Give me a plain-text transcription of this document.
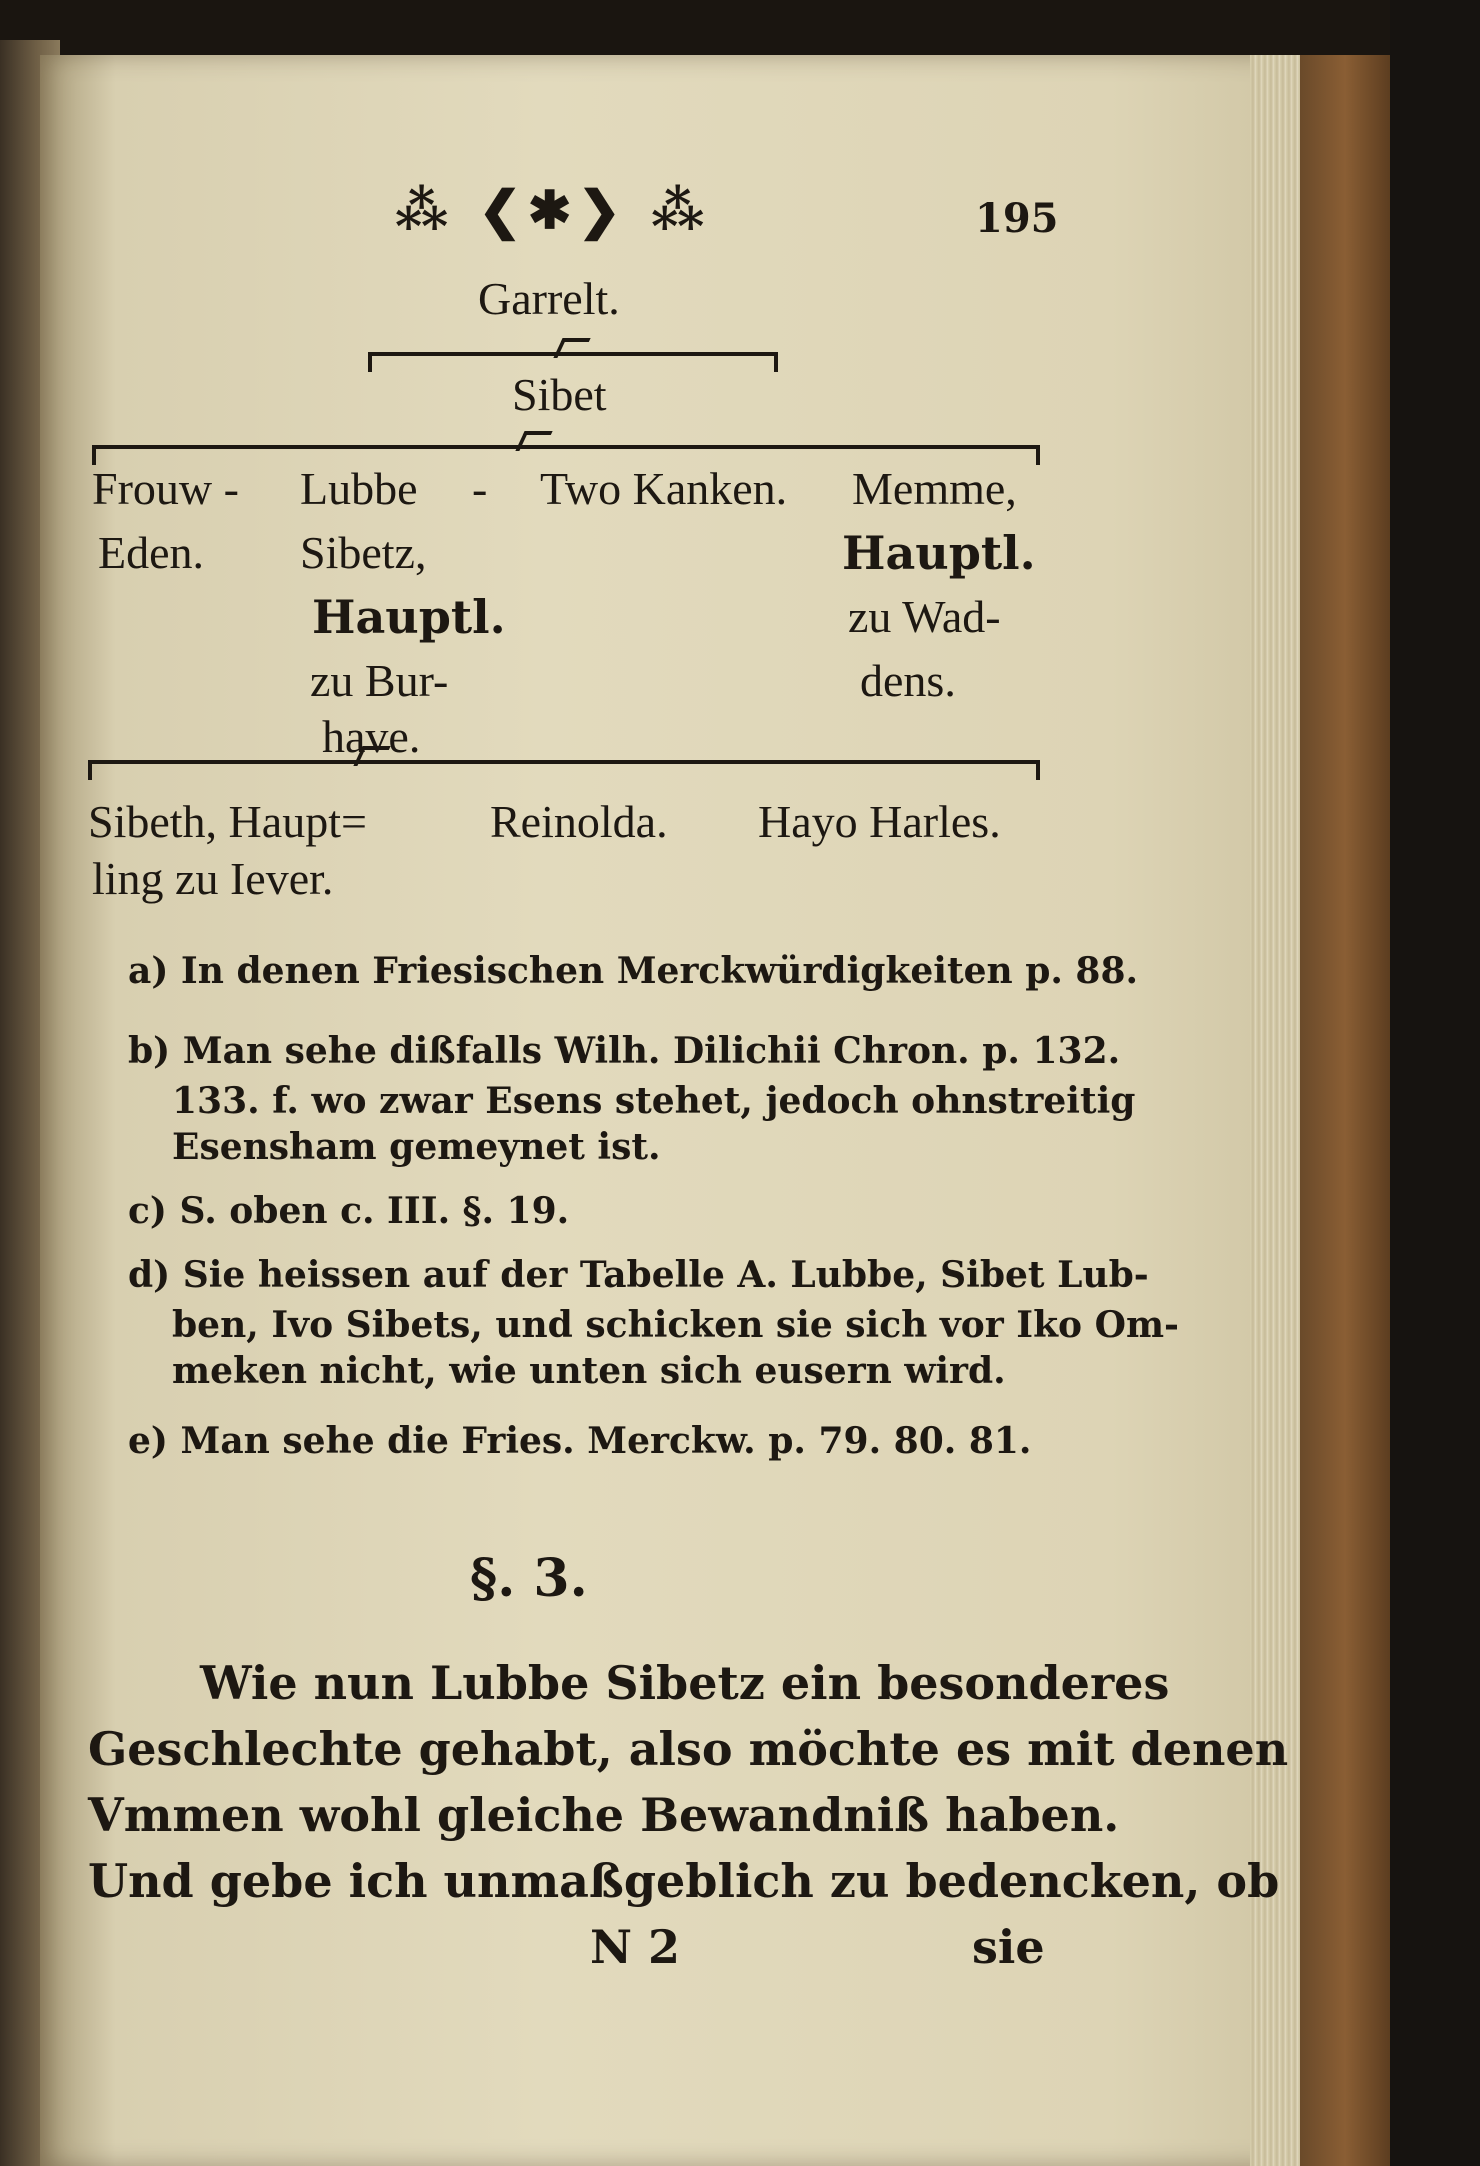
⁂ ❮✱❯ ⁂	195
Garrelt.
Sibet
Frouw -
Eden.
Lubbe
Sibetz,
Hauptl.
zu Bur-
have.
- Two Kanken. Memme,
Hauptl.
zu Wad-
dens.
Sibeth, Haupt=
ling zu Iever.
Reinolda. Hayo Harles.
a) In denen Friesischen Merckwürdigkeiten p. 88.
b) Man sehe dißfalls Wilh. Dilichii Chron. p. 132.
133. f. wo zwar Esens stehet, jedoch ohnstreitig
Esensham gemeynet ist.
c) S. oben c. III. §. 19.
d) Sie heissen auf der Tabelle A. Lubbe, Sibet Lub-
ben, Ivo Sibets, und schicken sie sich vor Iko Om-
meken nicht, wie unten sich eusern wird.
e) Man sehe die Fries. Merckw. p. 79. 80. 81.
§. 3.
Wie nun Lubbe Sibetz ein besonderes
Geschlechte gehabt, also möchte es mit denen
Vmmen wohl gleiche Bewandniß haben.
Und gebe ich unmaßgeblich zu bedencken, ob
N 2	sie
